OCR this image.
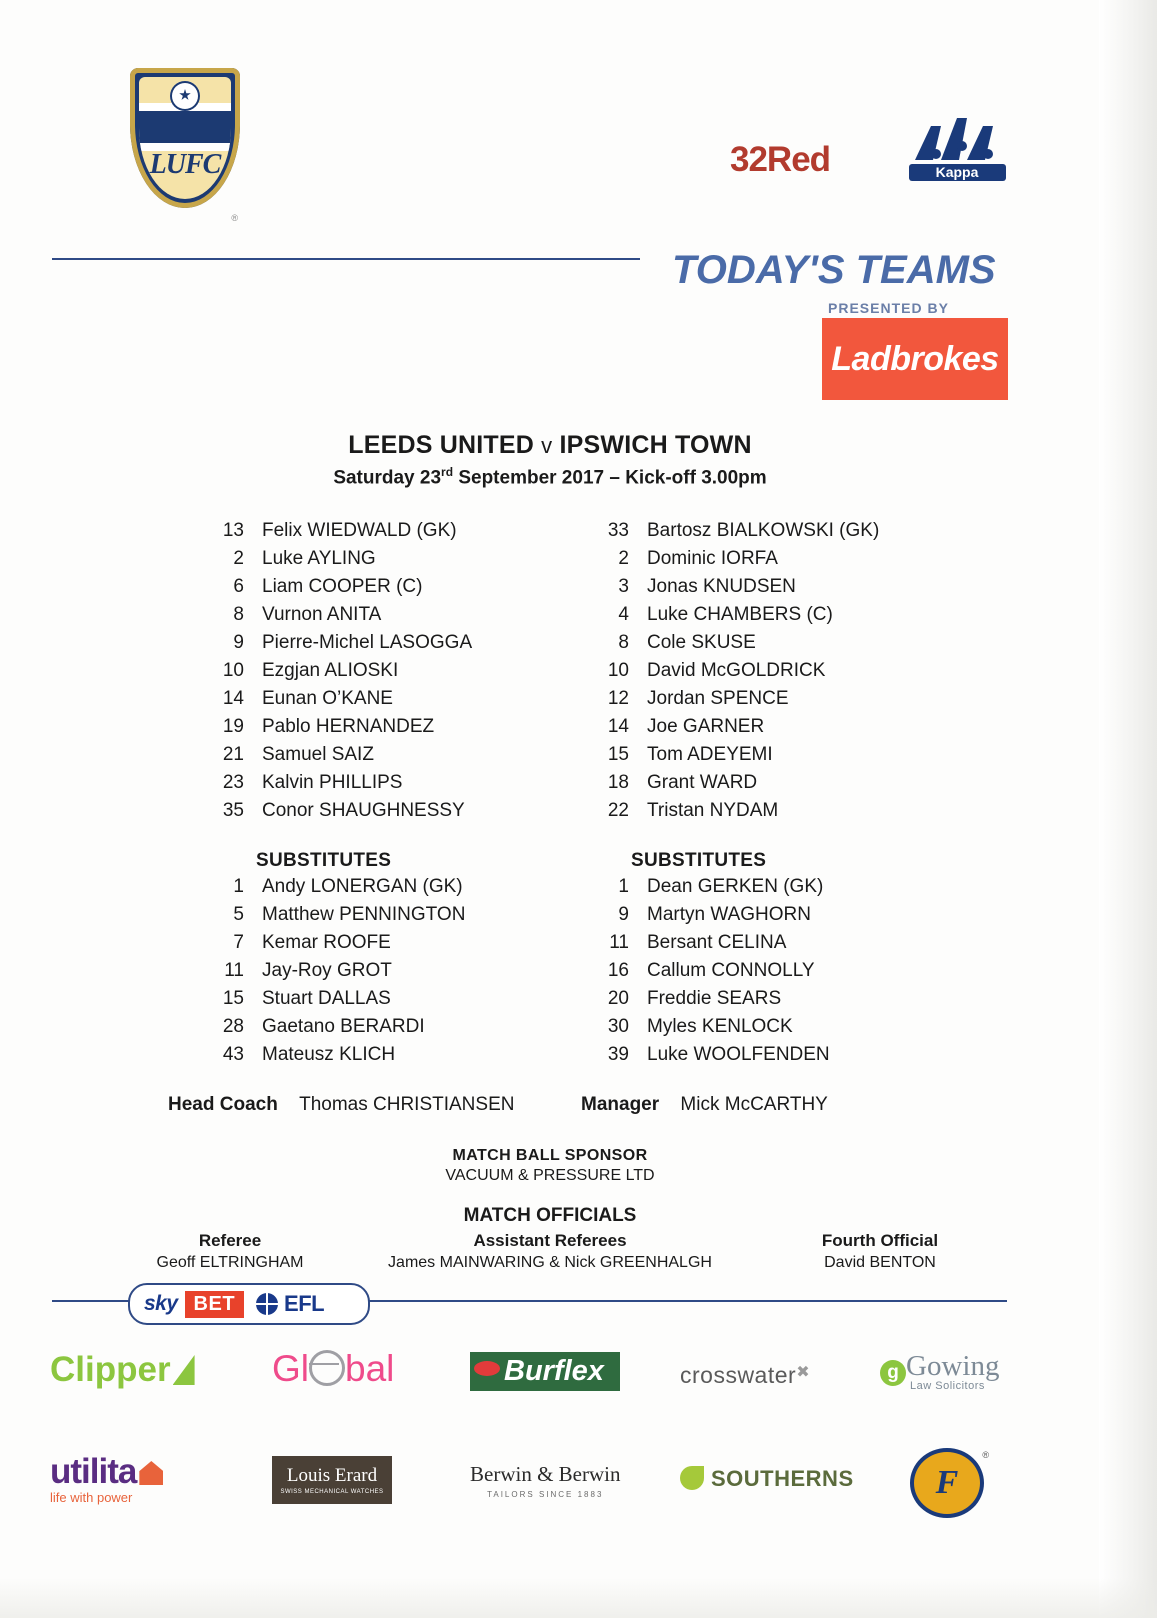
LUFC
®
32Red	Kappa
TODAY'S TEAMS
PRESENTED BY
Ladbrokes
LEEDS UNITED v IPSWICH TOWN
Saturday 23rd September 2017 – Kick-off 3.00pm
13 Felix WIEDWALD (GK)
2 Luke AYLING
6 Liam COOPER (C)
8 Vurnon ANITA
9 Pierre-Michel LASOGGA
10 Ezgjan ALIOSKI
14 Eunan O’KANE
19 Pablo HERNANDEZ
21 Samuel SAIZ
23 Kalvin PHILLIPS
35 Conor SHAUGHNESSY
SUBSTITUTES
1 Andy LONERGAN (GK)
5 Matthew PENNINGTON
7 Kemar ROOFE
11 Jay-Roy GROT
15 Stuart DALLAS
28 Gaetano BERARDI
43 Mateusz KLICH
33 Bartosz BIALKOWSKI (GK)
2 Dominic IORFA
3 Jonas KNUDSEN
4 Luke CHAMBERS (C)
8 Cole SKUSE
10 David McGOLDRICK
12 Jordan SPENCE
14 Joe GARNER
15 Tom ADEYEMI
18 Grant WARD
22 Tristan NYDAM
SUBSTITUTES
1 Dean GERKEN (GK)
9 Martyn WAGHORN
11 Bersant CELINA
16 Callum CONNOLLY
20 Freddie SEARS
30 Myles KENLOCK
39 Luke WOOLFENDEN
Head Coach Thomas CHRISTIANSEN	Manager Mick McCARTHY
MATCH BALL SPONSOR
VACUUM & PRESSURE LTD
MATCH OFFICIALS
Referee
Geoff ELTRINGHAM
Assistant Referees
James MAINWARING & Nick GREENHALGH
Fourth Official
David BENTON
sky BET	EFL
Clipper	Gl bal	Burflex	crosswater✖	g Gowing
Law Solicitors
utilita
life with power
Louis Erard
SWISS MECHANICAL WATCHES
Berwin & Berwin
TAILORS SINCE 1883
SOUTHERNS F
®
